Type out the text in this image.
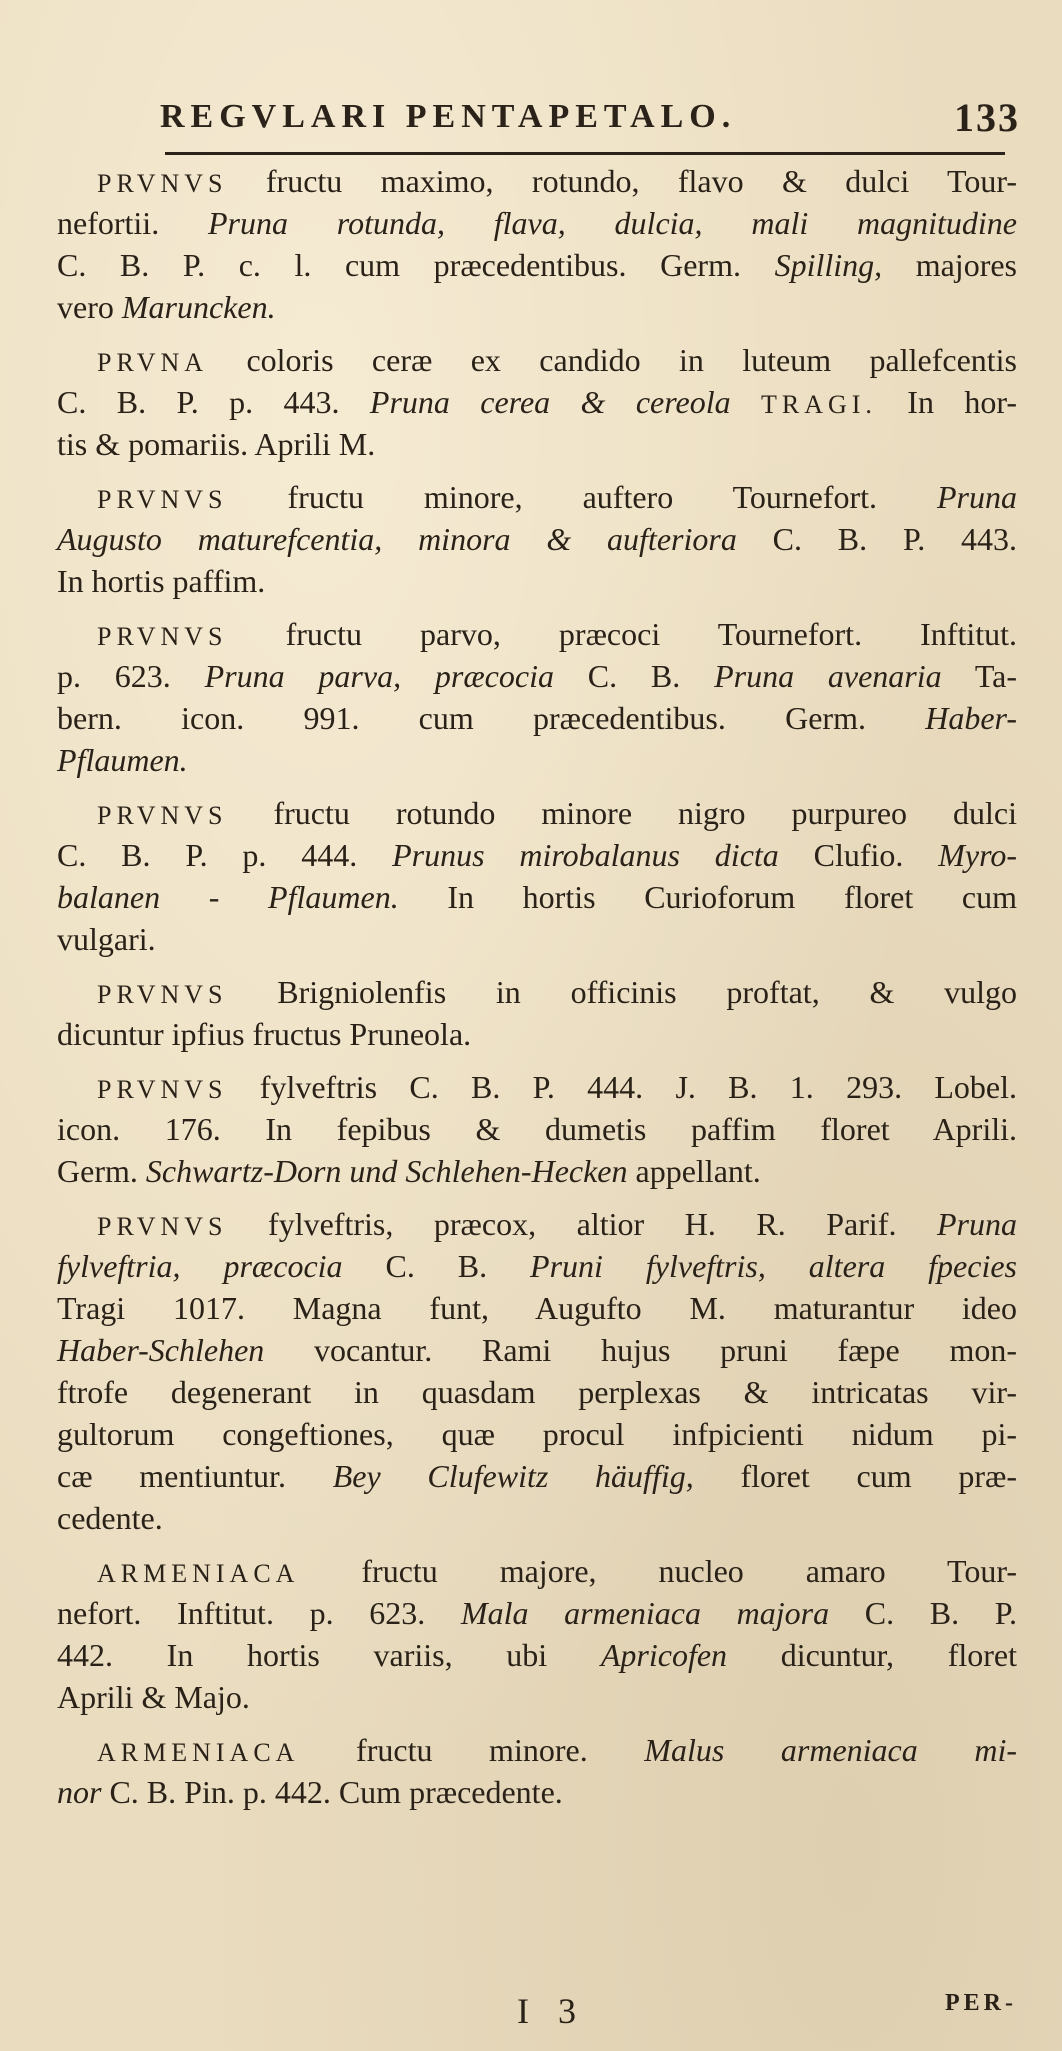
REGVLARI PENTAPETALO.	133
PRVNVS fructu maximo, rotundo, flavo & dulci Tour-
nefortii. Pruna rotunda, flava, dulcia, mali magnitudine
C. B. P. c. l. cum præcedentibus. Germ. Spilling, majores
vero Maruncken.
PRVNA coloris ceræ ex candido in luteum pallefcentis
C. B. P. p. 443. Pruna cerea & cereola TRAGI. In hor-
tis & pomariis. Aprili M.
PRVNVS fructu minore, auftero Tournefort. Pruna
Augusto maturefcentia, minora & aufteriora C. B. P. 443.
In hortis paffim.
PRVNVS fructu parvo, præcoci Tournefort. Inftitut.
p. 623. Pruna parva, præcocia C. B. Pruna avenaria Ta-
bern. icon. 991. cum præcedentibus. Germ. Haber-
Pflaumen.
PRVNVS fructu rotundo minore nigro purpureo dulci
C. B. P. p. 444. Prunus mirobalanus dicta Clufio. Myro-
balanen - Pflaumen. In hortis Curioforum floret cum
vulgari.
PRVNVS Brigniolenfis in officinis proftat, & vulgo
dicuntur ipfius fructus Pruneola.
PRVNVS fylveftris C. B. P. 444. J. B. 1. 293. Lobel.
icon. 176. In fepibus & dumetis paffim floret Aprili.
Germ. Schwartz-Dorn und Schlehen-Hecken appellant.
PRVNVS fylveftris, præcox, altior H. R. Parif. Pruna
fylveftria, præcocia C. B. Pruni fylveftris, altera fpecies
Tragi 1017. Magna funt, Augufto M. maturantur ideo
Haber-Schlehen vocantur. Rami hujus pruni fæpe mon-
ftrofe degenerant in quasdam perplexas & intricatas vir-
gultorum congeftiones, quæ procul infpicienti nidum pi-
cæ mentiuntur. Bey Clufewitz häuffig, floret cum præ-
cedente.
ARMENIACA fructu majore, nucleo amaro Tour-
nefort. Inftitut. p. 623. Mala armeniaca majora C. B. P.
442. In hortis variis, ubi Apricofen dicuntur, floret
Aprili & Majo.
ARMENIACA fructu minore. Malus armeniaca mi-
nor C. B. Pin. p. 442. Cum præcedente.
I 3	PER-
